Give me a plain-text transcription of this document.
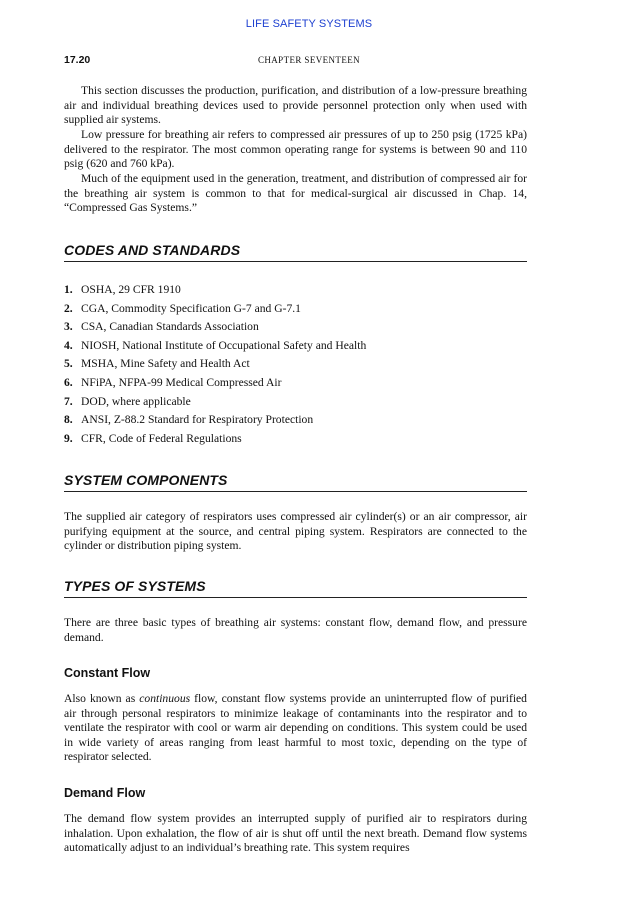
LIFE SAFETY SYSTEMS
17.20	CHAPTER SEVENTEEN

This section discusses the production, purification, and distribution of a low-pressure breathing air and individual breathing devices used to provide personnel protection only when used with supplied air systems.

Low pressure for breathing air refers to compressed air pressures of up to 250 psig (1725 kPa) delivered to the respirator. The most common operating range for systems is between 90 and 110 psig (620 and 760 kPa).

Much of the equipment used in the generation, treatment, and distribution of compressed air for the breathing air system is common to that for medical-surgical air discussed in Chap. 14, “Compressed Gas Systems.”

CODES AND STANDARDS
1. OSHA, 29 CFR 1910
2. CGA, Commodity Specification G-7 and G-7.1
3. CSA, Canadian Standards Association
4. NIOSH, National Institute of Occupational Safety and Health
5. MSHA, Mine Safety and Health Act
6. NFiPA, NFPA-99 Medical Compressed Air
7. DOD, where applicable
8. ANSI, Z-88.2 Standard for Respiratory Protection
9. CFR, Code of Federal Regulations
SYSTEM COMPONENTS

The supplied air category of respirators uses compressed air cylinder(s) or an air compressor, air purifying equipment at the source, and central piping system. Respirators are connected to the cylinder or distribution piping system.

TYPES OF SYSTEMS

There are three basic types of breathing air systems: constant flow, demand flow, and pressure demand.

Constant Flow

Also known as continuous flow, constant flow systems provide an uninterrupted flow of purified air through personal respirators to minimize leakage of contaminants into the respirator and to ventilate the respirator with cool or warm air depending on conditions. This system could be used in wide variety of areas ranging from least harmful to most toxic, depending on the type of respirator selected.

Demand Flow

The demand flow system provides an interrupted supply of purified air to respirators during inhalation. Upon exhalation, the flow of air is shut off until the next breath. Demand flow systems automatically adjust to an individual’s breathing rate. This system requires
